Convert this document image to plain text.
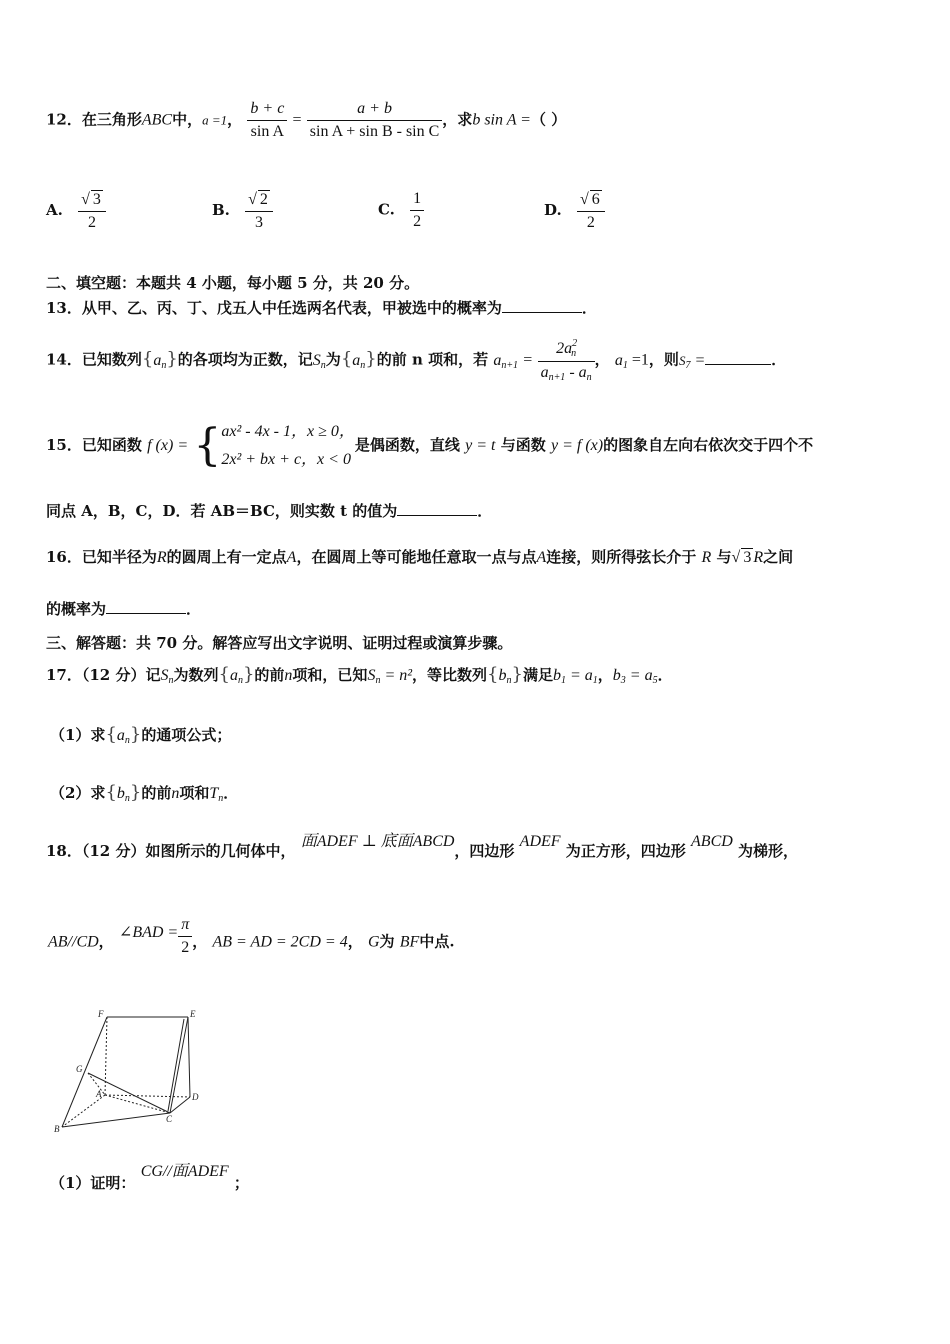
12．在三角形ABC中，a =1， $\frac{b + c}{\text{sin A}} = \frac{a + b}{\text{sin A + sin B - sin C}}$ ，求b sin A =（ ）
A. $\frac{√ 3}{2}$	B. $\frac{√ 2}{3}$	C. $\frac{1}{2}$	D. $\frac{√ 6}{2}$
二、填空题：本题共 4 小题，每小题 5 分，共 20 分。
13．从甲、乙、丙、丁、戊五人中任选两名代表，甲被选中的概率为	．
14．已知数列$\{a_n\}$的各项均为正数，记$S_n$为$\{a_n\}$的前 n 项和，若 $a_{n+1} = \frac{2a^2_n}{a_{n+1} - a_n}$ ， $a_1 =1$，则$S_7$ =	．
15．已知函数 f (x) = { ax² - 4x - 1，x ≥ 0，
2x² + bx + c，x < 0
是偶函数，直线 y = t 与函数 y = f (x)的图象自左向右依次交于四个不
同点 A，B，C，D．若 AB＝BC，则实数 t 的值为	．
16．已知半径为R的圆周上有一定点A，在圆周上等可能地任意取一点与点A连接，则所得弦长介于 R 与√ 3 R之间
的概率为	．
三、解答题：共 70 分。解答应写出文字说明、证明过程或演算步骤。
17．（12 分）记$S_n$为数列$\{a_n\}$的前n项和，已知$S_n = n^2$，等比数列$\{b_n\}$满足$b_1 = a_1$，$b_3 = a_5$．
（1）求$\{a_n\}$的通项公式；
（2）求$\{b_n\}$的前n项和$T_n$．
18．（12 分）如图所示的几何体中， 面ADEF ⊥ 底面ABCD，四边形 ADEF 为正方形，四边形 ABCD 为梯形，
AB//CD， ∠BAD = $\frac{\pi}{2}$ ， AB = AD = 2CD = 4， G为 BF中点.
F	E
G
A	D
B
C
（1）证明： CG//面ADEF ；
